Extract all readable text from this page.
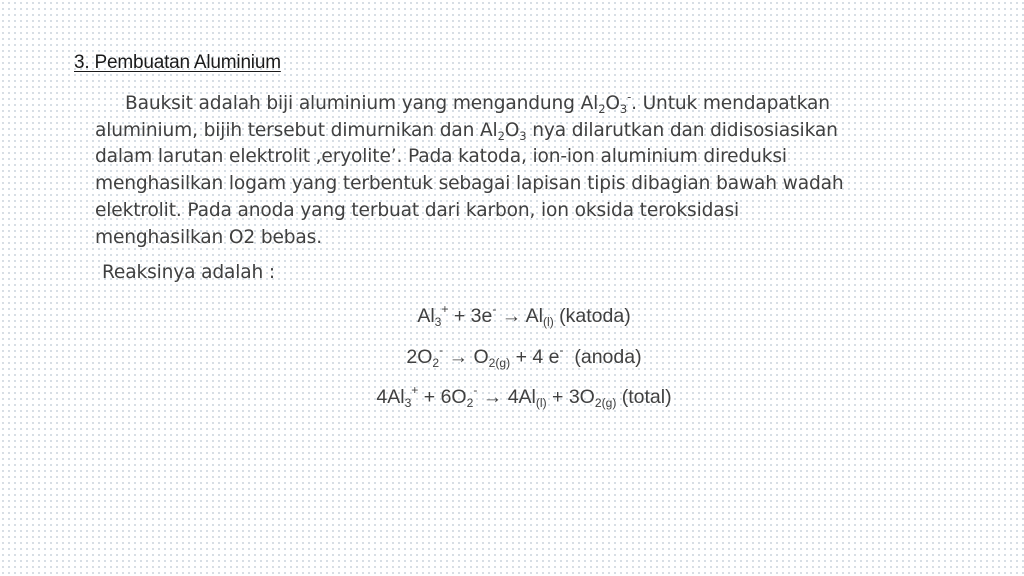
3. Pembuatan Aluminium
Bauksit adalah biji aluminium yang mengandung $Al_2O_3^-$. Untuk mendapatkan
aluminium, bijih tersebut dimurnikan dan $Al_2O_3$ nya dilarutkan dan didisosiasikan
dalam larutan elektrolit ,eryolite’. Pada katoda, ion-ion aluminium direduksi
menghasilkan logam yang terbentuk sebagai lapisan tipis dibagian bawah wadah
elektrolit. Pada anoda yang terbuat dari karbon, ion oksida teroksidasi
menghasilkan O2 bebas.
Reaksinya adalah :
$Al_3^+ + 3e^- \to Al_{(l)}$ (katoda)
$2O_2^- \to O_{2(g)} + 4$ e-  (anoda)
$4Al_3^+ + 6O_2^- \to 4Al_{(l)} + 3O_{2(g)}$ (total)
